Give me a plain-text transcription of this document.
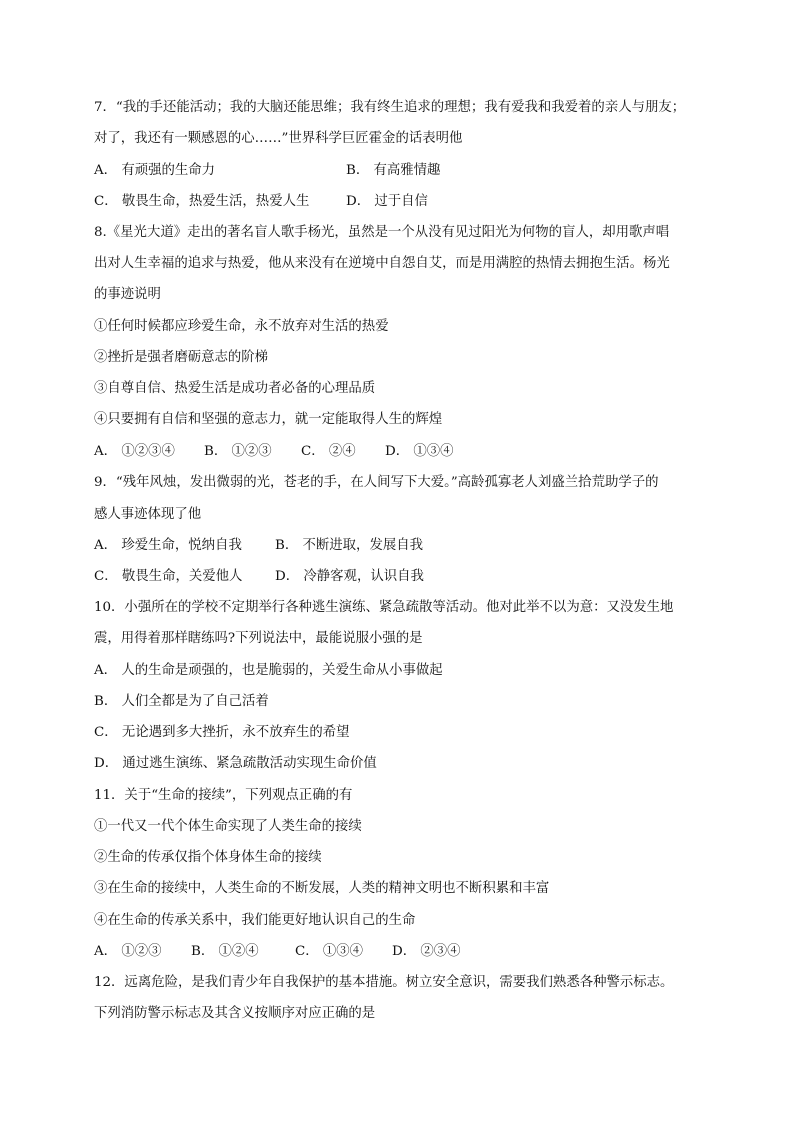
7．“我的手还能活动；我的大脑还能思维；我有终生追求的理想；我有爱我和我爱着的亲人与朋友；
对了，我还有一颗感恩的心……”世界科学巨匠霍金的话表明他
A． 有顽强的生命力	B． 有高雅情趣
C． 敬畏生命，热爱生活，热爱人生	D． 过于自信
8.《星光大道》走出的著名盲人歌手杨光，虽然是一个从没有见过阳光为何物的盲人，却用歌声唱
出对人生幸福的追求与热爱，他从来没有在逆境中自怨自艾，而是用满腔的热情去拥抱生活。杨光
的事迹说明
①任何时候都应珍爱生命，永不放弃对生活的热爱
②挫折是强者磨砺意志的阶梯
③自尊自信、热爱生活是成功者必备的心理品质
④只要拥有自信和坚强的意志力，就一定能取得人生的辉煌
A． ①②③④ B． ①②③ C． ②④ D． ①③④
9．“残年风烛，发出微弱的光，苍老的手，在人间写下大爱。”高龄孤寡老人刘盛兰拾荒助学子的
感人事迹体现了他
A． 珍爱生命，悦纳自我 B． 不断进取，发展自我
C． 敬畏生命，关爱他人 D． 冷静客观，认识自我
10．小强所在的学校不定期举行各种逃生演练、紧急疏散等活动。他对此举不以为意：又没发生地
震，用得着那样瞎练吗?下列说法中，最能说服小强的是
A． 人的生命是顽强的，也是脆弱的，关爱生命从小事做起
B． 人们全都是为了自己活着
C． 无论遇到多大挫折，永不放弃生的希望
D． 通过逃生演练、紧急疏散活动实现生命价值
11．关于“生命的接续”，下列观点正确的有
①一代又一代个体生命实现了人类生命的接续
②生命的传承仅指个体身体生命的接续
③在生命的接续中，人类生命的不断发展，人类的精神文明也不断积累和丰富
④在生命的传承关系中，我们能更好地认识自己的生命
A． ①②③ B． ①②④	C． ①③④ D． ②③④
12．远离危险，是我们青少年自我保护的基本措施。树立安全意识，需要我们熟悉各种警示标志。
下列消防警示标志及其含义按顺序对应正确的是
